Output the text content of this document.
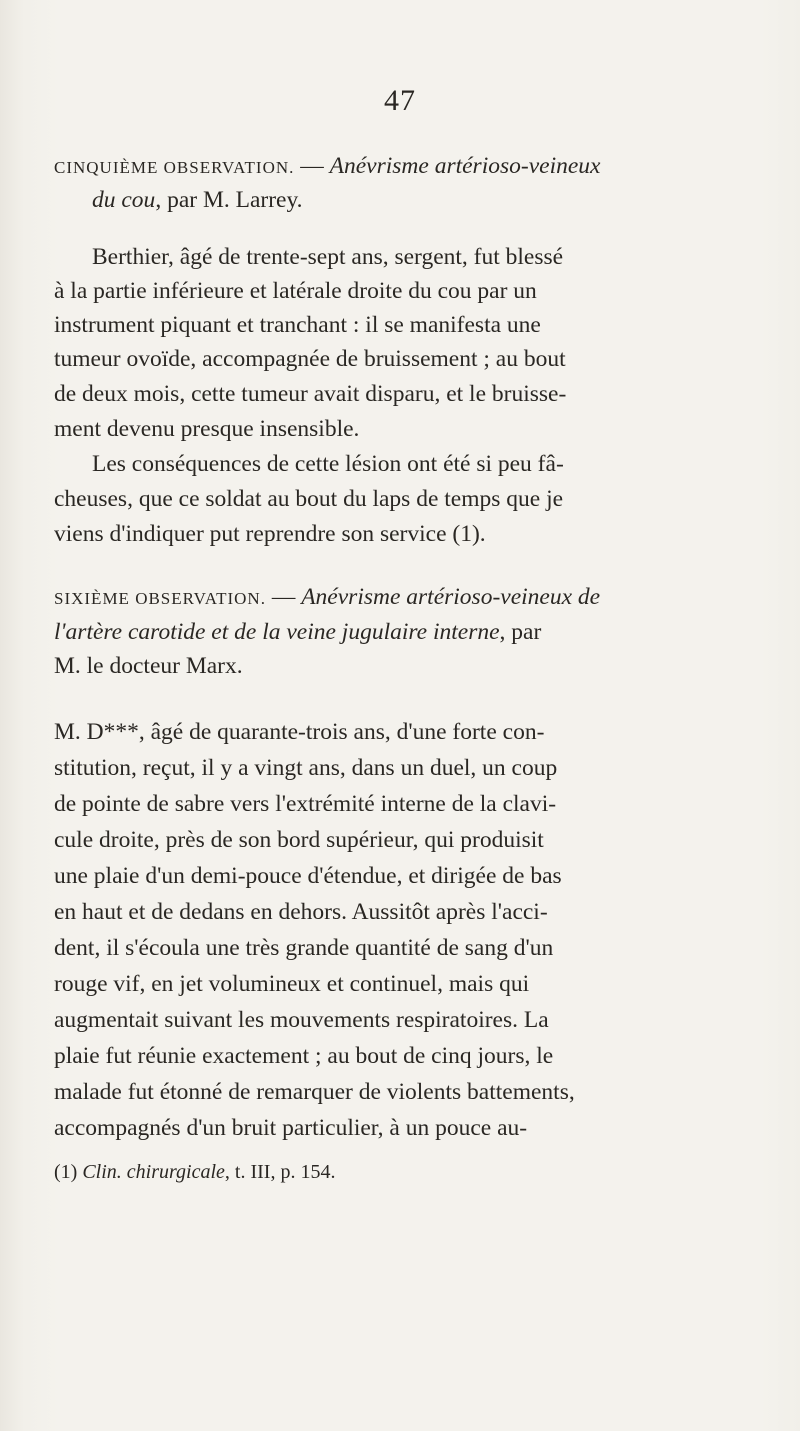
47
CINQUIÈME OBSERVATION. — Anévrisme artérioso-veineux
du cou, par M. Larrey.
Berthier, âgé de trente-sept ans, sergent, fut blessé
à la partie inférieure et latérale droite du cou par un
instrument piquant et tranchant : il se manifesta une
tumeur ovoïde, accompagnée de bruissement ; au bout
de deux mois, cette tumeur avait disparu, et le bruisse-
ment devenu presque insensible.
Les conséquences de cette lésion ont été si peu fâ-
cheuses, que ce soldat au bout du laps de temps que je
viens d'indiquer put reprendre son service (1).
SIXIÈME OBSERVATION. — Anévrisme artérioso-veineux de
l'artère carotide et de la veine jugulaire interne, par
M. le docteur Marx.
M. D***, âgé de quarante-trois ans, d'une forte con-
stitution, reçut, il y a vingt ans, dans un duel, un coup
de pointe de sabre vers l'extrémité interne de la clavi-
cule droite, près de son bord supérieur, qui produisit
une plaie d'un demi-pouce d'étendue, et dirigée de bas
en haut et de dedans en dehors. Aussitôt après l'acci-
dent, il s'écoula une très grande quantité de sang d'un
rouge vif, en jet volumineux et continuel, mais qui
augmentait suivant les mouvements respiratoires. La
plaie fut réunie exactement ; au bout de cinq jours, le
malade fut étonné de remarquer de violents battements,
accompagnés d'un bruit particulier, à un pouce au-
(1) Clin. chirurgicale, t. III, p. 154.
